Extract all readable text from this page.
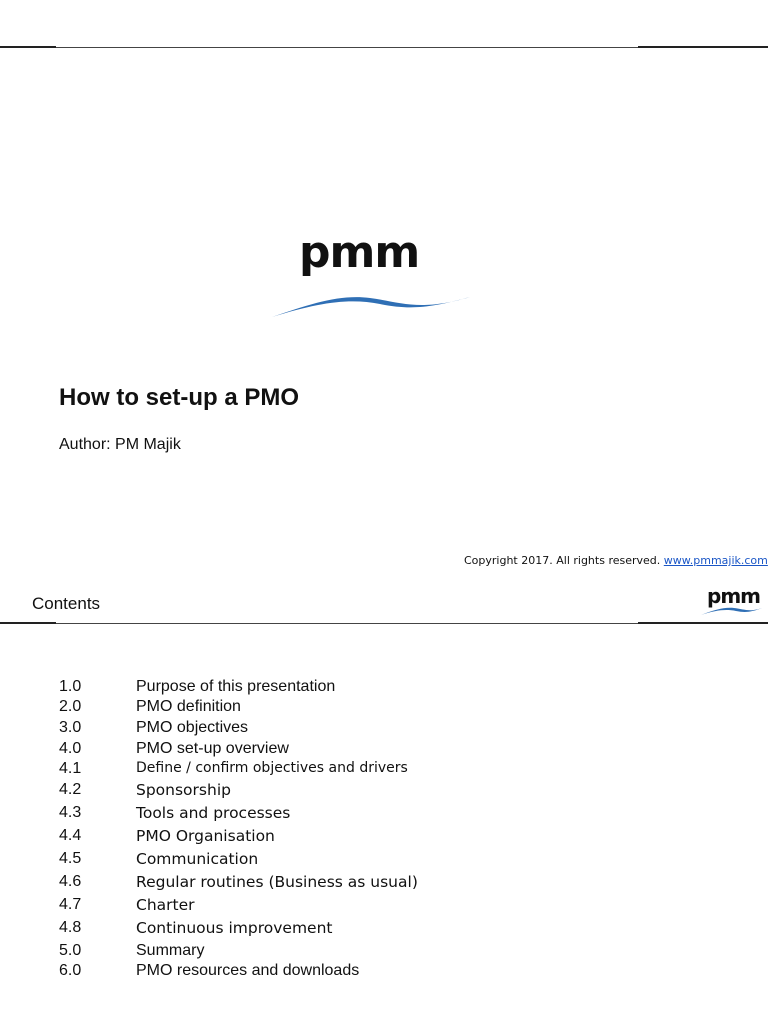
pmm
How to set-up a PMO
Author: PM Majik
Copyright 2017. All rights reserved. www.pmmajik.com
Contents	pmm
1.0	Purpose of this presentation
2.0	PMO definition
3.0	PMO objectives
4.0	PMO set-up overview
4.1	Define / confirm objectives and drivers
4.2	Sponsorship
4.3	Tools and processes
4.4	PMO Organisation
4.5	Communication
4.6	Regular routines (Business as usual)
4.7	Charter
4.8	Continuous improvement
5.0	Summary
6.0	PMO resources and downloads
